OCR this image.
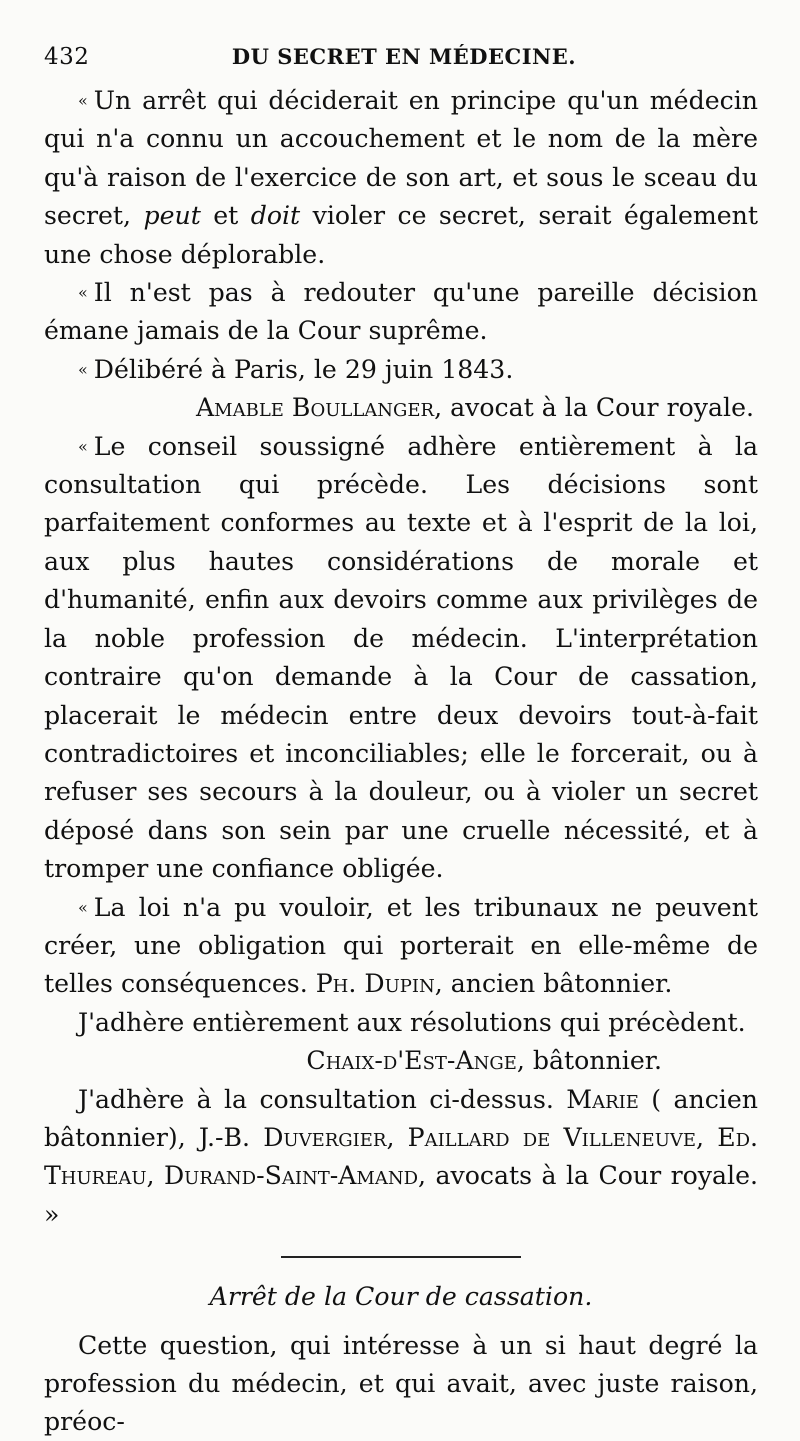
432	DU SECRET EN MÉDECINE.

« Un arrêt qui déciderait en principe qu'un médecin qui n'a connu un accouchement et le nom de la mère qu'à raison de l'exercice de son art, et sous le sceau du secret, peut et doit violer ce secret, serait également une chose déplorable.

« Il n'est pas à redouter qu'une pareille décision émane jamais de la Cour suprême.

« Délibéré à Paris, le 29 juin 1843.

Amable Boullanger, avocat à la Cour royale.

« Le conseil soussigné adhère entièrement à la consultation qui précède. Les décisions sont parfaitement conformes au texte et à l'esprit de la loi, aux plus hautes considérations de morale et d'humanité, enfin aux devoirs comme aux privilèges de la noble profession de médecin. L'interprétation contraire qu'on demande à la Cour de cassation, placerait le médecin entre deux devoirs tout-à-fait contradictoires et inconciliables; elle le forcerait, ou à refuser ses secours à la douleur, ou à violer un secret déposé dans son sein par une cruelle nécessité, et à tromper une confiance obligée.

« La loi n'a pu vouloir, et les tribunaux ne peuvent créer, une obligation qui porterait en elle-même de telles conséquences. Ph. Dupin, ancien bâtonnier.

J'adhère entièrement aux résolutions qui précèdent.

Chaix-d'Est-Ange, bâtonnier.

J'adhère à la consultation ci-dessus. Marie ( ancien bâtonnier), J.-B. Duvergier, Paillard de Villeneuve, Ed. Thureau, Durand-Saint-Amand, avocats à la Cour royale. »

Arrêt de la Cour de cassation.

Cette question, qui intéresse à un si haut degré la profession du médecin, et qui avait, avec juste raison, préoc-
